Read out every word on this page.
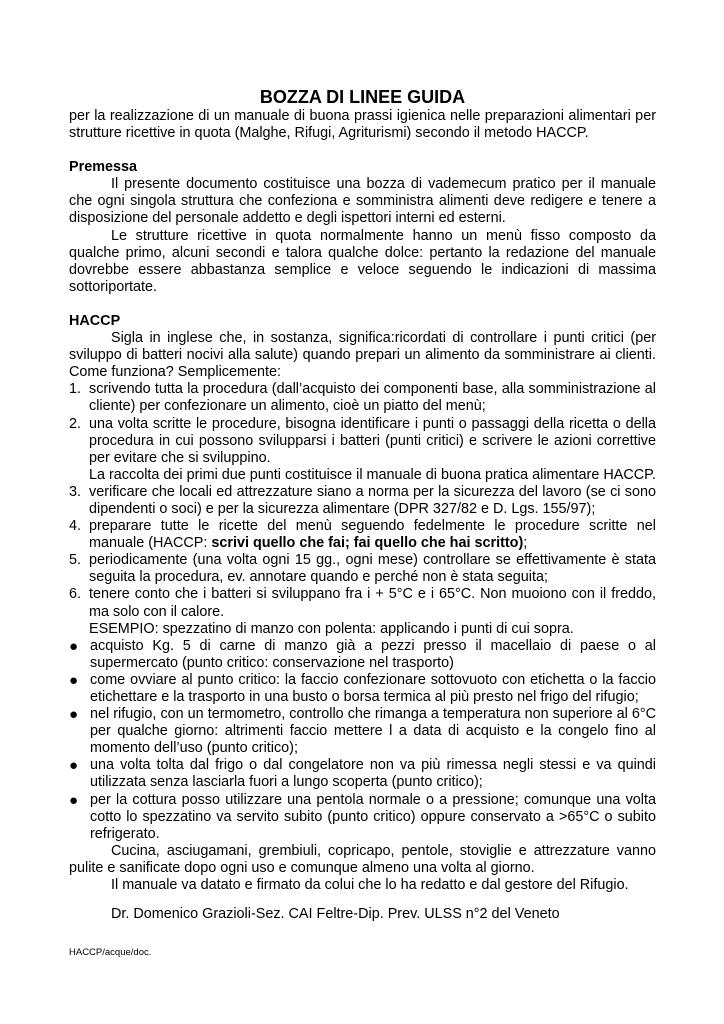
BOZZA DI LINEE GUIDA

per la realizzazione di un manuale di buona prassi igienica nelle preparazioni alimentari per strutture ricettive in quota (Malghe, Rifugi, Agriturismi) secondo il metodo HACCP.

Premessa

Il presente documento costituisce una bozza di vademecum pratico per il manuale che ogni singola struttura che confeziona e somministra alimenti deve redigere e tenere a disposizione del personale addetto e degli ispettori interni ed esterni.

Le strutture ricettive in quota normalmente hanno un menù fisso composto da qualche primo, alcuni secondi e talora qualche dolce: pertanto la redazione del manuale dovrebbe essere abbastanza semplice e veloce seguendo le indicazioni di massima sottoriportate.

HACCP

Sigla in inglese che, in sostanza, significa:ricordati di controllare i punti critici (per sviluppo di batteri nocivi alla salute) quando prepari un alimento da somministrare ai clienti. Come funziona? Semplicemente:

1. scrivendo tutta la procedura (dall’acquisto dei componenti base, alla somministrazione al cliente) per confezionare un alimento, cioè un piatto del menù;
2. una volta scritte le procedure, bisogna identificare i punti o passaggi della ricetta o della procedura in cui possono svilupparsi i batteri (punti critici) e scrivere le azioni correttive per evitare che si sviluppino.
La raccolta dei primi due punti costituisce il manuale di buona pratica alimentare HACCP.
3. verificare che locali ed attrezzature siano a norma per la sicurezza del lavoro (se ci sono dipendenti o soci) e per la sicurezza alimentare (DPR 327/82 e D. Lgs. 155/97);
4. preparare tutte le ricette del menù seguendo fedelmente le procedure scritte nel manuale (HACCP: scrivi quello che fai; fai quello che hai scritto);
5. periodicamente (una volta ogni 15 gg., ogni mese) controllare se effettivamente è stata seguita la procedura, ev. annotare quando e perché non è stata seguita;
6. tenere conto che i batteri si sviluppano fra i + 5°C e i 65°C. Non muoiono con il freddo, ma solo con il calore.
ESEMPIO: spezzatino di manzo con polenta: applicando i punti di cui sopra.
● acquisto Kg. 5 di carne di manzo già a pezzi presso il macellaio di paese o al supermercato (punto critico: conservazione nel trasporto)
● come ovviare al punto critico: la faccio confezionare sottovuoto con etichetta o la faccio etichettare e la trasporto in una busto o borsa termica al più presto nel frigo del rifugio;
● nel rifugio, con un termometro, controllo che rimanga a temperatura non superiore al 6°C per qualche giorno: altrimenti faccio mettere l a data di acquisto e la congelo fino al momento dell’uso (punto critico);
● una volta tolta dal frigo o dal congelatore non va più rimessa negli stessi e va quindi utilizzata senza lasciarla fuori a lungo scoperta (punto critico);
● per la cottura posso utilizzare una pentola normale o a pressione; comunque una volta cotto lo spezzatino va servito subito (punto critico) oppure conservato a >65°C o subito refrigerato.

Cucina, asciugamani, grembiuli, copricapo, pentole, stoviglie e attrezzature vanno pulite e sanificate dopo ogni uso e comunque almeno una volta al giorno.

Il manuale va datato e firmato da colui che lo ha redatto e dal gestore del Rifugio.

Dr. Domenico Grazioli-Sez. CAI Feltre-Dip. Prev. ULSS n°2 del Veneto
HACCP/acque/doc.
